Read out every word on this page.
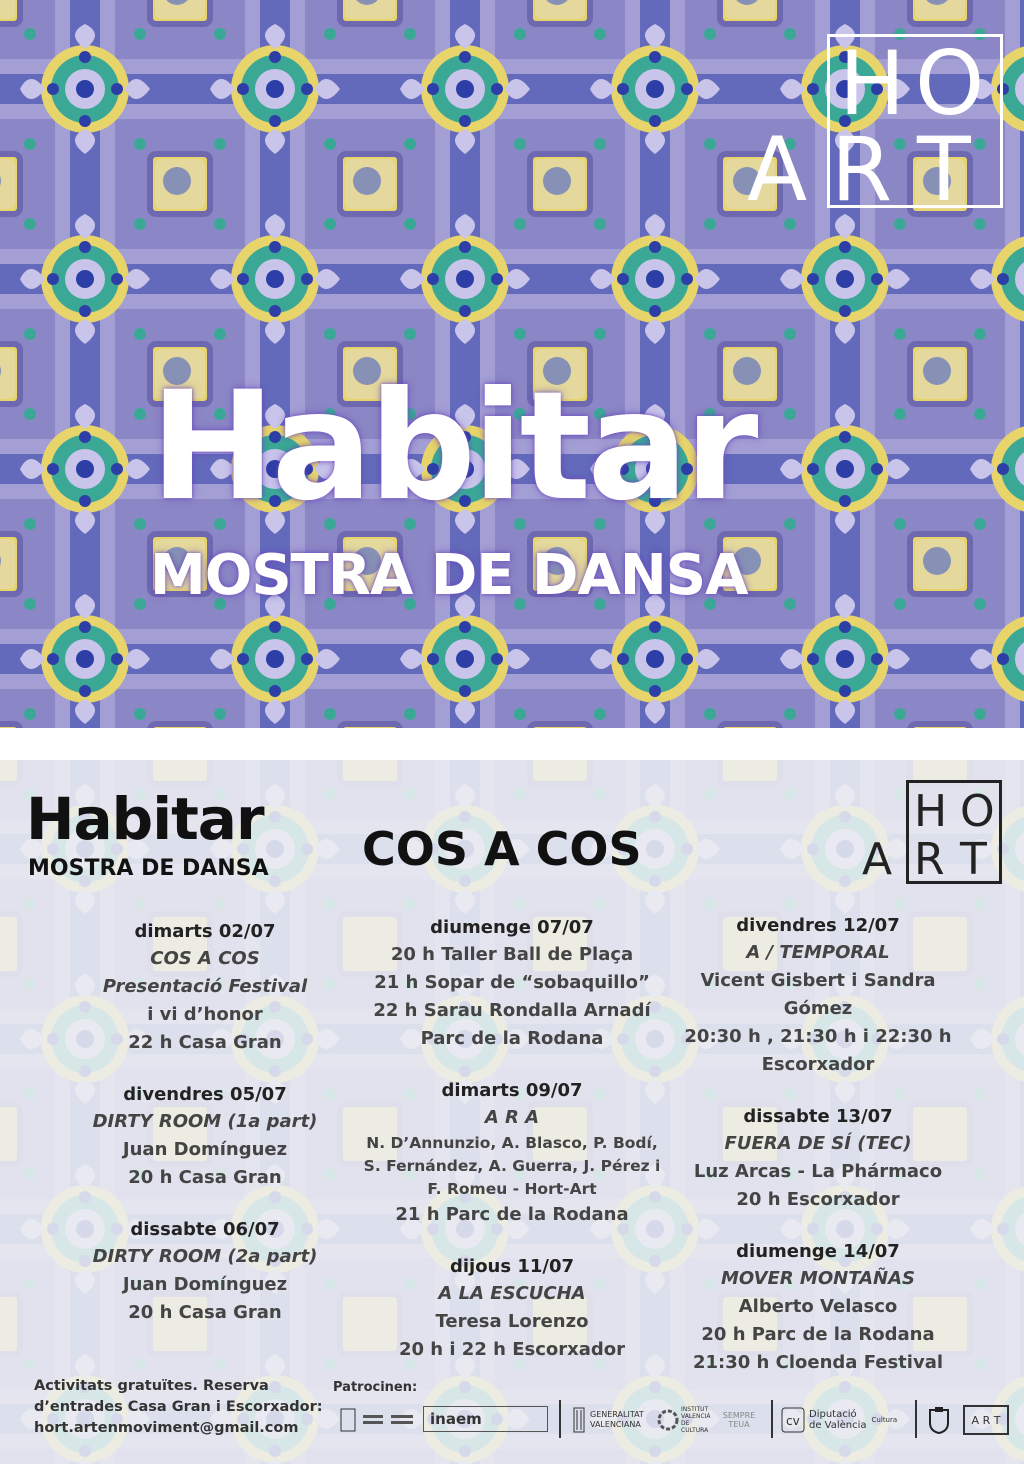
H O
A R T
Habitar
MOSTRA DE DANSA
Habitar
MOSTRA DE DANSA COS A COS
H O
A R T
dimarts 02/07
COS A COS
Presentació Festival
i vi d’honor
22 h Casa Gran
divendres 05/07
DIRTY ROOM (1a part)
Juan Domínguez
20 h Casa Gran
dissabte 06/07
DIRTY ROOM (2a part)
Juan Domínguez
20 h Casa Gran
diumenge 07/07
20 h Taller Ball de Plaça
21 h Sopar de “sobaquillo”
22 h Sarau Rondalla Arnadí
Parc de la Rodana
dimarts 09/07
A R A
N. D’Annunzio, A. Blasco, P. Bodí,
S. Fernández, A. Guerra, J. Pérez i
F. Romeu - Hort-Art
21 h Parc de la Rodana
dijous 11/07
A LA ESCUCHA
Teresa Lorenzo
20 h i 22 h Escorxador
divendres 12/07
A / TEMPORAL
Vicent Gisbert i Sandra Gómez
20:30 h , 21:30 h i 22:30 h
Escorxador
dissabte 13/07
FUERA DE SÍ (TEC)
Luz Arcas - La Phármaco
20 h Escorxador
diumenge 14/07
MOVER MONTAÑAS
Alberto Velasco
20 h Parc de la Rodana
21:30 h Cloenda Festival
Activitats gratuïtes. Reserva
d’entrades Casa Gran i Escorxador:
hort.artenmoviment@gmail.com
Patrocinen:
inaem	GENERALITAT
VALENCIANA
INSTITUT VALENCIÀ DE CULTURA
SEMPRE
TEUA	cv Diputació
de València
Cultura	A R T
